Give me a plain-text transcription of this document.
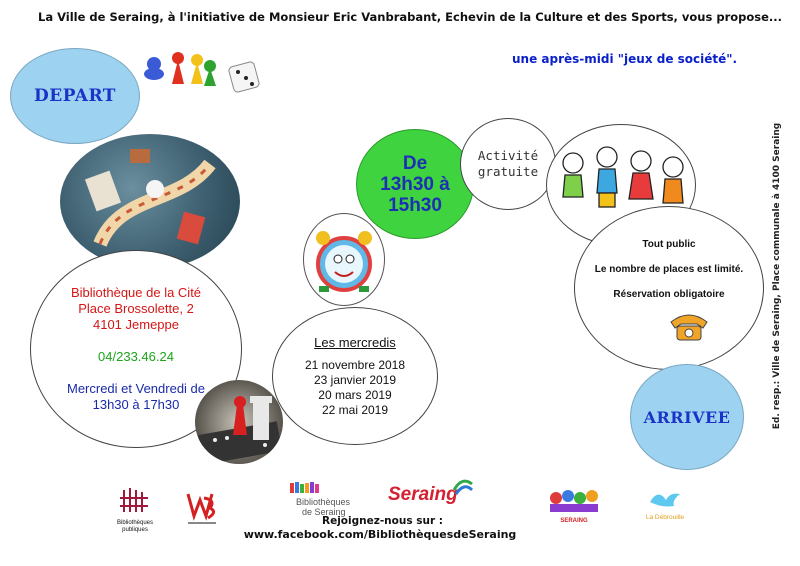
La Ville de Seraing, à l'initiative de Monsieur Eric Vanbrabant, Echevin de la Culture et des Sports, vous propose...
une après-midi "jeux de société".
DEPART
Bibliothèque de la Cité
Place Brossolette, 2
4101 Jemeppe
04/233.46.24
Mercredi et Vendredi de
13h30 à 17h30
Les mercredis
21 novembre 2018
23 janvier 2019
20 mars 2019
22 mai 2019
De
13h30 à
15h30
Activité
gratuite

Tout public

Le nombre de places est limité.

Réservation obligatoire

ARRIVEE	Ed. resp.: Ville de Seraing, Place communale à 4100 Seraing
Bibliothèques publiques
Bibliothèques
de Seraing
Seraing
SERAING	La Débrouille
Rejoignez-nous sur :
www.facebook.com/BibliothèquesdeSeraing
